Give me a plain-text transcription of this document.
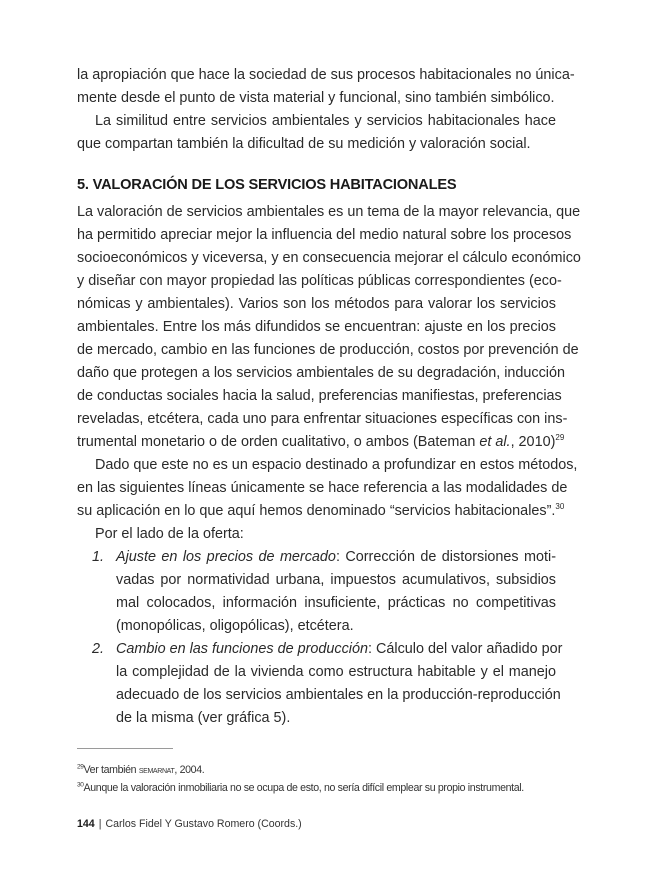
la apropiación que hace la sociedad de sus procesos habitacionales no única-

mente desde el punto de vista material y funcional, sino también simbólico.

La similitud entre servicios ambientales y servicios habitacionales hace

que compartan también la dificultad de su medición y valoración social.

5. VALORACIÓN DE LOS SERVICIOS HABITACIONALES

La valoración de servicios ambientales es un tema de la mayor relevancia, que

ha permitido apreciar mejor la influencia del medio natural sobre los procesos

socioeconómicos y viceversa, y en consecuencia mejorar el cálculo económico

y diseñar con mayor propiedad las políticas públicas correspondientes (eco-

nómicas y ambientales). Varios son los métodos para valorar los servicios

ambientales. Entre los más difundidos se encuentran: ajuste en los precios

de mercado, cambio en las funciones de producción, costos por prevención de

daño que protegen a los servicios ambientales de su degradación, inducción

de conductas sociales hacia la salud, preferencias manifiestas, preferencias

reveladas, etcétera, cada uno para enfrentar situaciones específicas con ins-

trumental monetario o de orden cualitativo, o ambos (Bateman et al., 2010)$^{29}$

Dado que este no es un espacio destinado a profundizar en estos métodos,

en las siguientes líneas únicamente se hace referencia a las modalidades de

su aplicación en lo que aquí hemos denominado “servicios habitacionales”.$^{30}$

Por el lado de la oferta:

1. Ajuste en los precios de mercado: Corrección de distorsiones moti-

vadas por normatividad urbana, impuestos acumulativos, subsidios

mal colocados, información insuficiente, prácticas no competitivas

(monopólicas, oligopólicas), etcétera.

2. Cambio en las funciones de producción: Cálculo del valor añadido por

la complejidad de la vivienda como estructura habitable y el manejo

adecuado de los servicios ambientales en la producción-reproducción

de la misma (ver gráfica 5).

$^{29}$Ver también semarnat, 2004.
$^{30}$Aunque la valoración inmobiliaria no se ocupa de esto, no sería difícil emplear su propio instrumental.
144 | Carlos Fidel Y Gustavo Romero (Coords.)
